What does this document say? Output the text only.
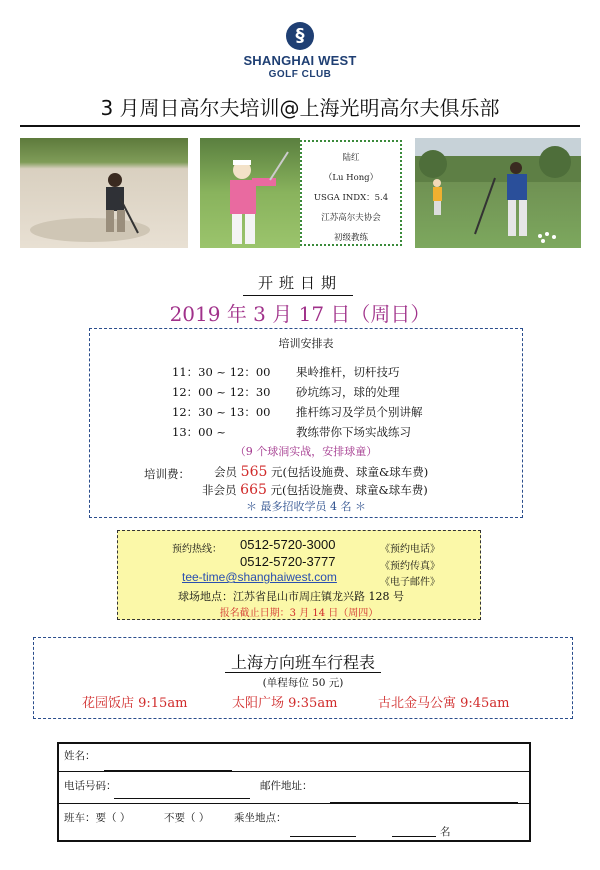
§
SHANGHAI WEST
GOLF CLUB
3 月周日高尔夫培训@上海光明高尔夫俱乐部
陆红
（Lu Hong）
USGA INDX：5.4
江苏高尔夫协会
初级教练
开班日期
2019 年 3 月 17 日（周日）
培训安排表
11：30 ~ 12：00 果岭推杆，切杆技巧
12：00 ~ 12：30 砂坑练习，球的处理
12：30 ~ 13：00 推杆练习及学员个别讲解
13：00 ~	教练带你下场实战练习
（9 个球洞实战，安排球童）
培训费： 会员 565 元(包括设施费、球童&球车费)
非会员 665 元(包括设施费、球童&球车费)
＊ 最多招收学员 4 名 ＊
预约热线： 0512-5720-3000	《预约电话》
0512-5720-3777	《预约传真》
tee-time@shanghaiwest.com	《电子邮件》
球场地点：江苏省昆山市周庄镇龙兴路 128 号
报名截止日期：3 月 14 日（周四）
上海方向班车行程表
(单程每位 50 元)
花园饭店 9:15am	太阳广场 9:35am	古北金马公寓 9:45am
姓名：
电话号码：	邮件地址：
班车：要（ ）	不要（ ） 乘坐地点：
名
